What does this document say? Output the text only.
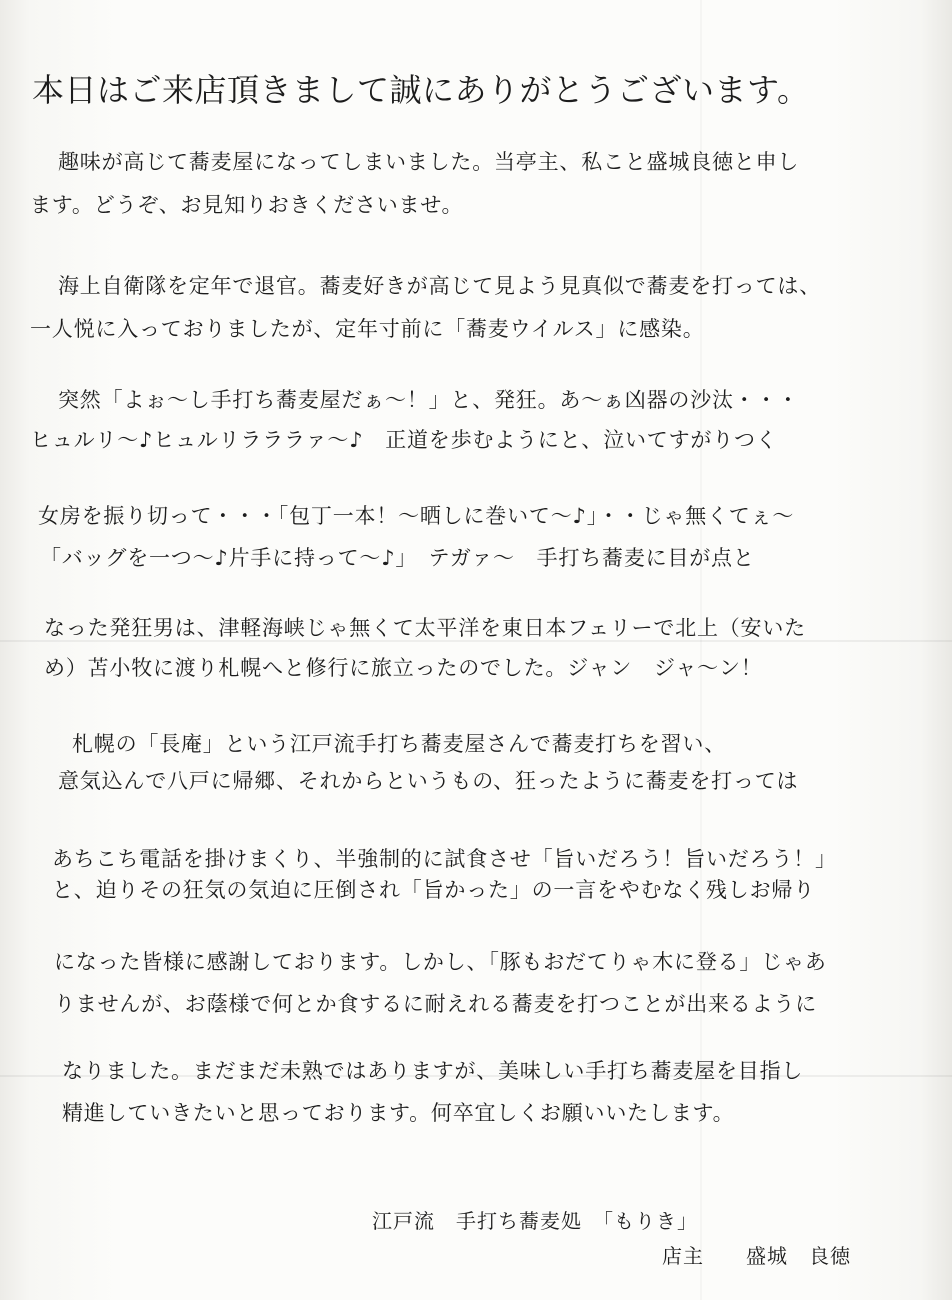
本日はご来店頂きまして誠にありがとうございます。
趣味が高じて蕎麦屋になってしまいました。当亭主、私こと盛城良徳と申し
ます。どうぞ、お見知りおきくださいませ。
海上自衛隊を定年で退官。蕎麦好きが高じて見よう見真似で蕎麦を打っては、
一人悦に入っておりましたが、定年寸前に「蕎麦ウイルス」に感染。
突然「よぉ～し手打ち蕎麦屋だぁ～！」と、発狂。あ～ぁ凶器の沙汰・・・
ヒュルリ～♪ヒュルリラララァ～♪　正道を歩むようにと、泣いてすがりつく
女房を振り切って・・・「包丁一本！～晒しに巻いて～♪」・・じゃ無くてぇ～
「バッグを一つ～♪片手に持って～♪」　テガァ～　手打ち蕎麦に目が点と
なった発狂男は、津軽海峡じゃ無くて太平洋を東日本フェリーで北上（安いた
め）苫小牧に渡り札幌へと修行に旅立ったのでした。ジャン　ジャ～ン！
札幌の「長庵」という江戸流手打ち蕎麦屋さんで蕎麦打ちを習い、
意気込んで八戸に帰郷、それからというもの、狂ったように蕎麦を打っては
あちこち電話を掛けまくり、半強制的に試食させ「旨いだろう！旨いだろう！」
と、迫りその狂気の気迫に圧倒され「旨かった」の一言をやむなく残しお帰り
になった皆様に感謝しております。しかし、「豚もおだてりゃ木に登る」じゃあ
りませんが、お蔭様で何とか食するに耐えれる蕎麦を打つことが出来るように
なりました。まだまだ未熟ではありますが、美味しい手打ち蕎麦屋を目指し
精進していきたいと思っております。何卒宜しくお願いいたします。
江戸流　手打ち蕎麦処　「もりき」
店主　　盛城　良徳
